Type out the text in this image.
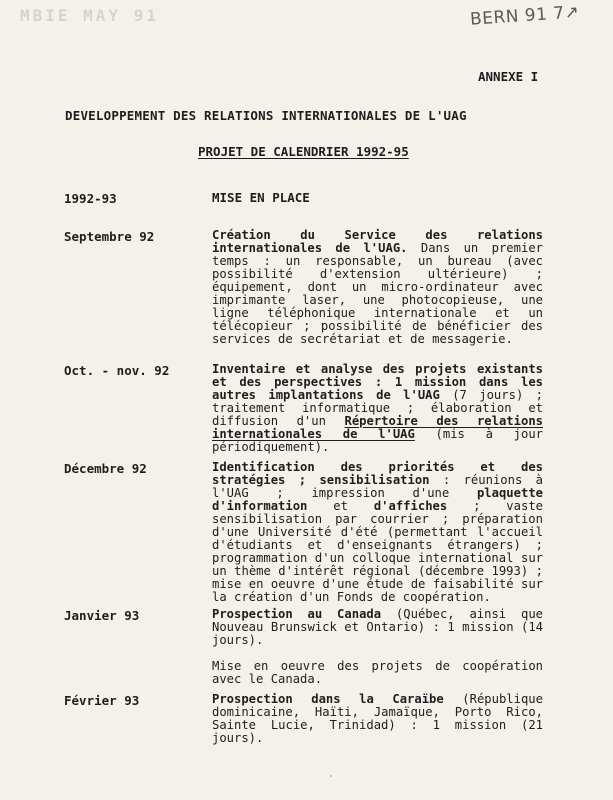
MBIE MAY 91	BERN 91 7↗
ANNEXE I
DEVELOPPEMENT DES RELATIONS INTERNATIONALES DE L'UAG
PROJET DE CALENDRIER 1992-95
1992-93	MISE EN PLACE
Septembre 92	Création du Service des relations internationales de l'UAG. Dans un premier temps : un responsable, un bureau (avec possibilité d'extension ultérieure) ; équipement, dont un micro-ordinateur avec imprimante laser, une photocopieuse, une ligne téléphonique internationale et un télécopieur ; possibilité de bénéficier des services de secrétariat et de messagerie.

Oct. - nov. 92	Inventaire et analyse des projets existants et des perspectives : 1 mission dans les autres implantations de l'UAG (7 jours) ; traitement informatique ; élaboration et diffusion d'un Répertoire des relations internationales de l'UAG (mis à jour périodiquement).

Décembre 92	Identification des priorités et des stratégies ; sensibilisation : réunions à l'UAG ; impression d'une plaquette d'information et d'affiches ; vaste sensibilisation par courrier ; préparation d'une Université d'été (permettant l'accueil d'étudiants et d'enseignants étrangers) ; programmation d'un colloque international sur un thème d'intérêt régional (décembre 1993) ; mise en oeuvre d'une étude de faisabilité sur la création d'un Fonds de coopération.

Janvier 93	Prospection au Canada (Québec, ainsi que Nouveau Brunswick et Ontario) : 1 mission (14 jours).

Mise en oeuvre des projets de coopération avec le Canada.

Février 93	Prospection dans la Caraïbe (République dominicaine, Haïti, Jamaïque, Porto Rico, Sainte Lucie, Trinidad) : 1 mission (21 jours).
